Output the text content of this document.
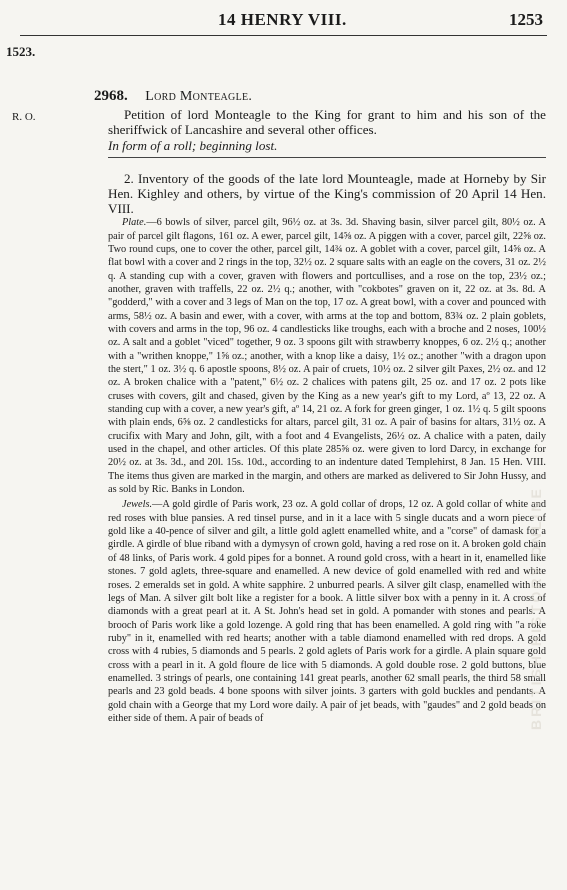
14 HENRY VIII.	1253
1523.
R. O.
2968. Lord Monteagle.

Petition of lord Monteagle to the King for grant to him and his son of the sheriffwick of Lancashire and several other offices.

In form of a roll; beginning lost.

2. Inventory of the goods of the late lord Mounteagle, made at Horneby by Sir Hen. Kighley and others, by virtue of the King's commission of 20 April 14 Hen. VIII.

Plate.—6 bowls of silver, parcel gilt, 96½ oz. at 3s. 3d. Shaving basin, silver parcel gilt, 80½ oz. A pair of parcel gilt flagons, 161 oz. A ewer, parcel gilt, 14⅝ oz. A piggen with a cover, parcel gilt, 22⅝ oz. Two round cups, one to cover the other, parcel gilt, 14¾ oz. A goblet with a cover, parcel gilt, 14⅝ oz. A flat bowl with a cover and 2 rings in the top, 32½ oz. 2 square salts with an eagle on the covers, 31 oz. 2½ q. A standing cup with a cover, graven with flowers and portcullises, and a rose on the top, 23½ oz.; another, graven with traffells, 22 oz. 2½ q.; another, with "cokbotes" graven on it, 22 oz. at 3s. 8d. A "godderd," with a cover and 3 legs of Man on the top, 17 oz. A great bowl, with a cover and pounced with arms, 58½ oz. A basin and ewer, with a cover, with arms at the top and bottom, 83¾ oz. 2 plain goblets, with covers and arms in the top, 96 oz. 4 candlesticks like troughs, each with a broche and 2 noses, 100½ oz. A salt and a goblet "viced" together, 9 oz. 3 spoons gilt with strawberry knoppes, 6 oz. 2½ q.; another with a "writhen knoppe," 1⅝ oz.; another, with a knop like a daisy, 1½ oz.; another "with a dragon upon the stert," 1 oz. 3½ q. 6 apostle spoons, 8½ oz. A pair of cruets, 10½ oz. 2 silver gilt Paxes, 2½ oz. and 12 oz. A broken chalice with a "patent," 6½ oz. 2 chalices with patens gilt, 25 oz. and 17 oz. 2 pots like cruses with covers, gilt and chased, given by the King as a new year's gift to my Lord, aº 13, 22 oz. A standing cup with a cover, a new year's gift, aº 14, 21 oz. A fork for green ginger, 1 oz. 1½ q. 5 gilt spoons with plain ends, 6⅝ oz. 2 candlesticks for altars, parcel gilt, 31 oz. A pair of basins for altars, 31½ oz. A crucifix with Mary and John, gilt, with a foot and 4 Evangelists, 26½ oz. A chalice with a paten, daily used in the chapel, and other articles. Of this plate 285⅝ oz. were given to lord Darcy, in exchange for 20½ oz. at 3s. 3d., and 20l. 15s. 10d., according to an indenture dated Templehirst, 8 Jan. 15 Hen. VIII. The items thus given are marked in the margin, and others are marked as delivered to Sir John Hussy, and as sold by Ric. Banks in London.

Jewels.—A gold girdle of Paris work, 23 oz. A gold collar of drops, 12 oz. A gold collar of white and red roses with blue pansies. A red tinsel purse, and in it a lace with 5 single ducats and a worn piece of gold like a 40-pence of silver and gilt, a little gold aglett enamelled white, and a "corse" of damask for a girdle. A girdle of blue riband with a dymysyn of crown gold, having a red rose on it. A broken gold chain of 48 links, of Paris work. 4 gold pipes for a bonnet. A round gold cross, with a heart in it, enamelled like stones. 7 gold aglets, three-square and enamelled. A new device of gold enamelled with red and white roses. 2 emeralds set in gold. A white sapphire. 2 unburred pearls. A silver gilt clasp, enamelled with the legs of Man. A silver gilt bolt like a register for a book. A little silver box with a penny in it. A cross of diamonds with a great pearl at it. A St. John's head set in gold. A pomander with stones and pearls. A brooch of Paris work like a gold lozenge. A gold ring that has been enamelled. A gold ring with "a roke ruby" in it, enamelled with red hearts; another with a table diamond enamelled with red drops. A gold cross with 4 rubies, 5 diamonds and 5 pearls. 2 gold aglets of Paris work for a girdle. A plain square gold cross with a pearl in it. A gold floure de lice with 5 diamonds. A gold double rose. 2 gold buttons, blue enamelled. 3 strings of pearls, one containing 141 great pearls, another 62 small pearls, the third 58 small pearls and 23 gold beads. 4 bone spoons with silver joints. 3 garters with gold buckles and pendants. A gold chain with a George that my Lord wore daily. A pair of jet beads, with "gaudes" and 2 gold beads on either side of them. A pair of beads of	BRITISH HISTORY ONLINE
